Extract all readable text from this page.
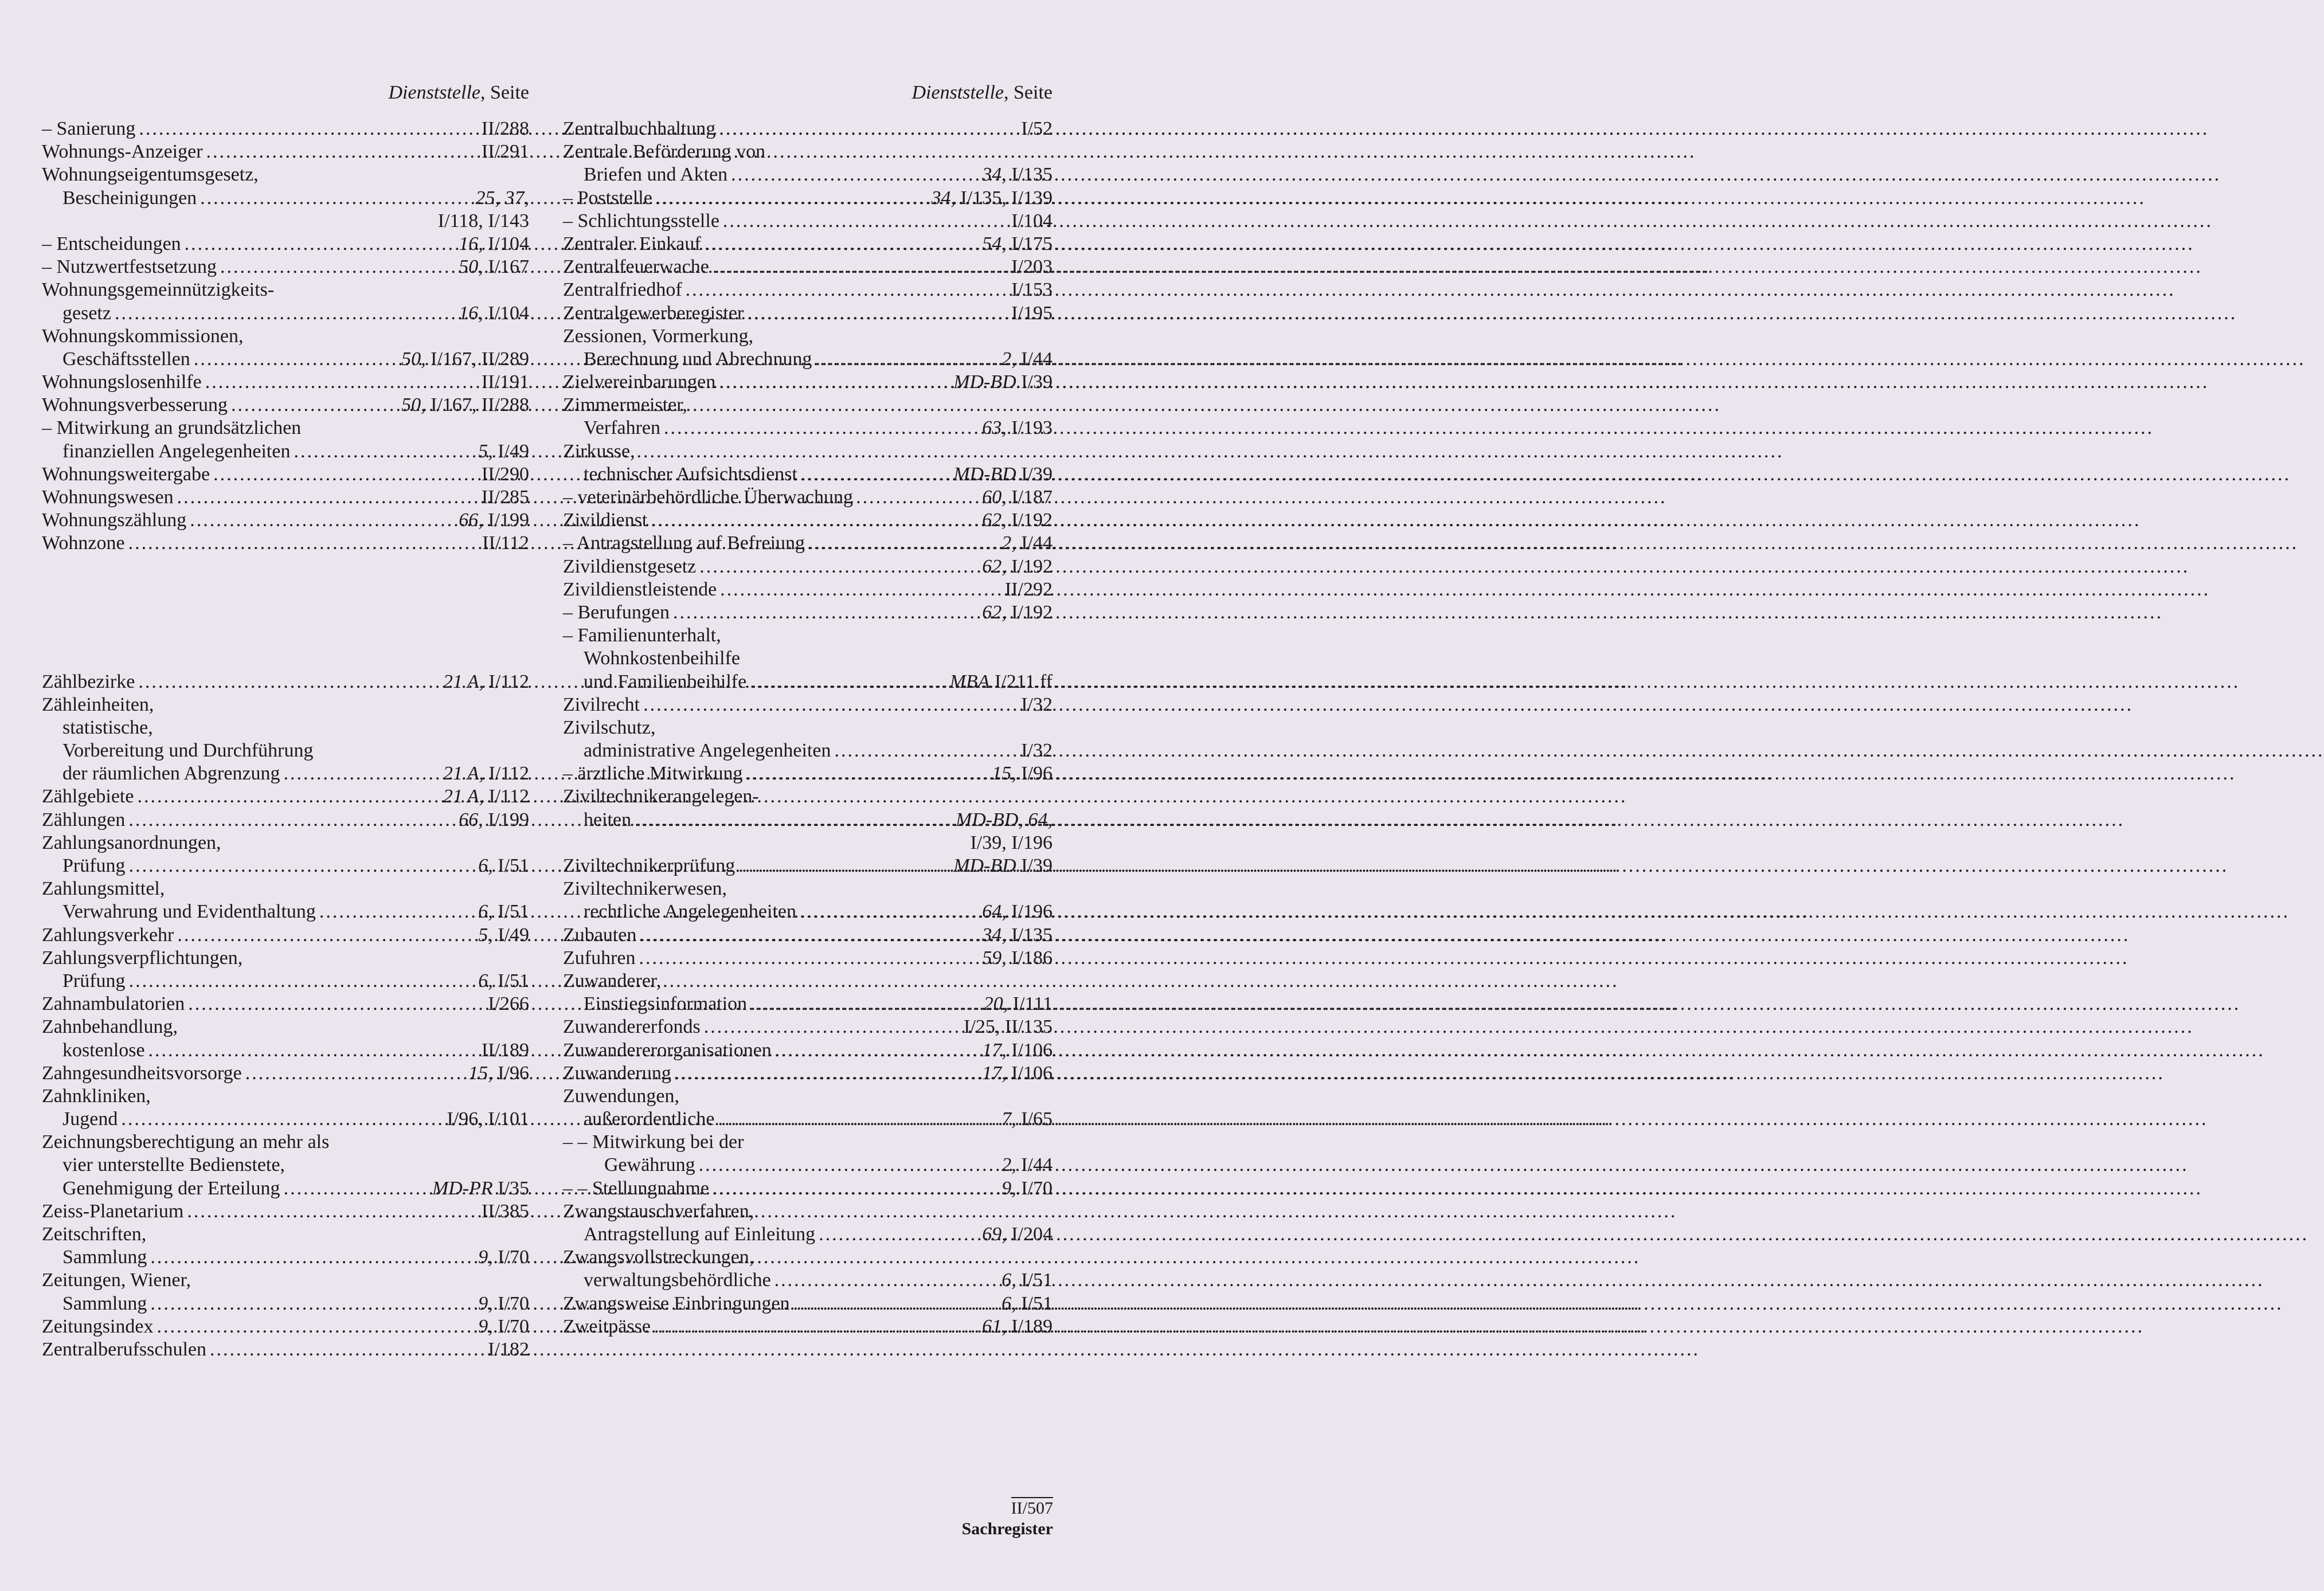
Dienststelle, Seite
– Sanierung .....	II/288
Wohnungs-Anzeiger .....	II/291
Wohnungseigentumsgesetz,
Bescheinigungen .....	25, 37,
I/118, I/143
– Entscheidungen .....	16, I/104
– Nutzwertfestsetzung .....	50, I/167
Wohnungsgemeinnützigkeits-
gesetz .....	16, I/104
Wohnungskommissionen,
Geschäftsstellen .....	50, I/167, II/289
Wohnungslosenhilfe .....	II/191
Wohnungsverbesserung .....	50, I/167, II/288
– Mitwirkung an grundsätzlichen
finanziellen Angelegenheiten .....	5, I/49
Wohnungsweitergabe .....	II/290
Wohnungswesen .....	II/285
Wohnungszählung .....	66, I/199
Wohnzone .....	II/112
Zählbezirke .....	21 A, I/112
Zähleinheiten,
statistische,
Vorbereitung und Durchführung
der räumlichen Abgrenzung .....	21 A, I/112
Zählgebiete .....	21 A, I/112
Zählungen .....	66, I/199
Zahlungsanordnungen,
Prüfung .....	6, I/51
Zahlungsmittel,
Verwahrung und Evidenthaltung .....	6, I/51
Zahlungsverkehr .....	5, I/49
Zahlungsverpflichtungen,
Prüfung .....	6, I/51
Zahnambulatorien .....	I/266
Zahnbehandlung,
kostenlose .....	II/189
Zahngesundheitsvorsorge .....	15, I/96
Zahnkliniken,
Jugend .....	I/96, I/101
Zeichnungsberechtigung an mehr als
vier unterstellte Bedienstete,
Genehmigung der Erteilung .....	MD-PR I/35
Zeiss-Planetarium .....	II/385
Zeitschriften,
Sammlung .....	9, I/70
Zeitungen, Wiener,
Sammlung .....	9, I/70
Zeitungsindex .....	9, I/70
Zentralberufsschulen .....	I/182
Dienststelle, Seite
Zentralbuchhaltung .....	I/52
Zentrale Beförderung von
Briefen und Akten .....	34, I/135
– Poststelle .....	34, I/135, I/139
– Schlichtungsstelle .....	I/104
Zentraler Einkauf .....	54, I/175
Zentralfeuerwache .....	I/203
Zentralfriedhof .....	I/153
Zentralgewerberegister .....	I/195
Zessionen, Vormerkung,
Berechnung und Abrechnung .....	2, I/44
Zielvereinbarungen .....	MD-BD I/39
Zimmermeister,
Verfahren .....	63, I/193
Zirkusse,
technischer Aufsichtsdienst .....	MD-BD I/39
– veterinärbehördliche Überwachung	60, I/187
Zivildienst .....	62, I/192
– Antragstellung auf Befreiung .....	2, I/44
Zivildienstgesetz .....	62, I/192
Zivildienstleistende .....	II/292
– Berufungen .....	62, I/192
– Familienunterhalt,
Wohnkostenbeihilfe
und Familienbeihilfe .....	MBA I/211 ff
Zivilrecht .....	I/32
Zivilschutz,
administrative Angelegenheiten .....	I/32
– ärztliche Mitwirkung .....	15, I/96
Ziviltechnikerangelegen-
heiten .....	MD-BD, 64,
I/39, I/196
Ziviltechnikerprüfung .....	MD-BD I/39
Ziviltechnikerwesen,
rechtliche Angelegenheiten .....	64, I/196
Zubauten .....	34, I/135
Zufuhren .....	59, I/186
Zuwanderer,
Einstiegsinformation .....	20, I/111
Zuwandererfonds .....	I/25, II/135
Zuwandererorganisationen .....	17, I/106
Zuwanderung .....	17, I/106
Zuwendungen,
außerordentliche .....	7, I/65
– – Mitwirkung bei der
Gewährung .....	2, I/44
– – Stellungnahme .....	9, I/70
Zwangstauschverfahren,
Antragstellung auf Einleitung .....	69, I/204
Zwangsvollstreckungen,
verwaltungsbehördliche .....	6, I/51
Zwangsweise Einbringungen .....	6, I/51
Zweitpässe .....	61, I/189
II/507
Sachregister
